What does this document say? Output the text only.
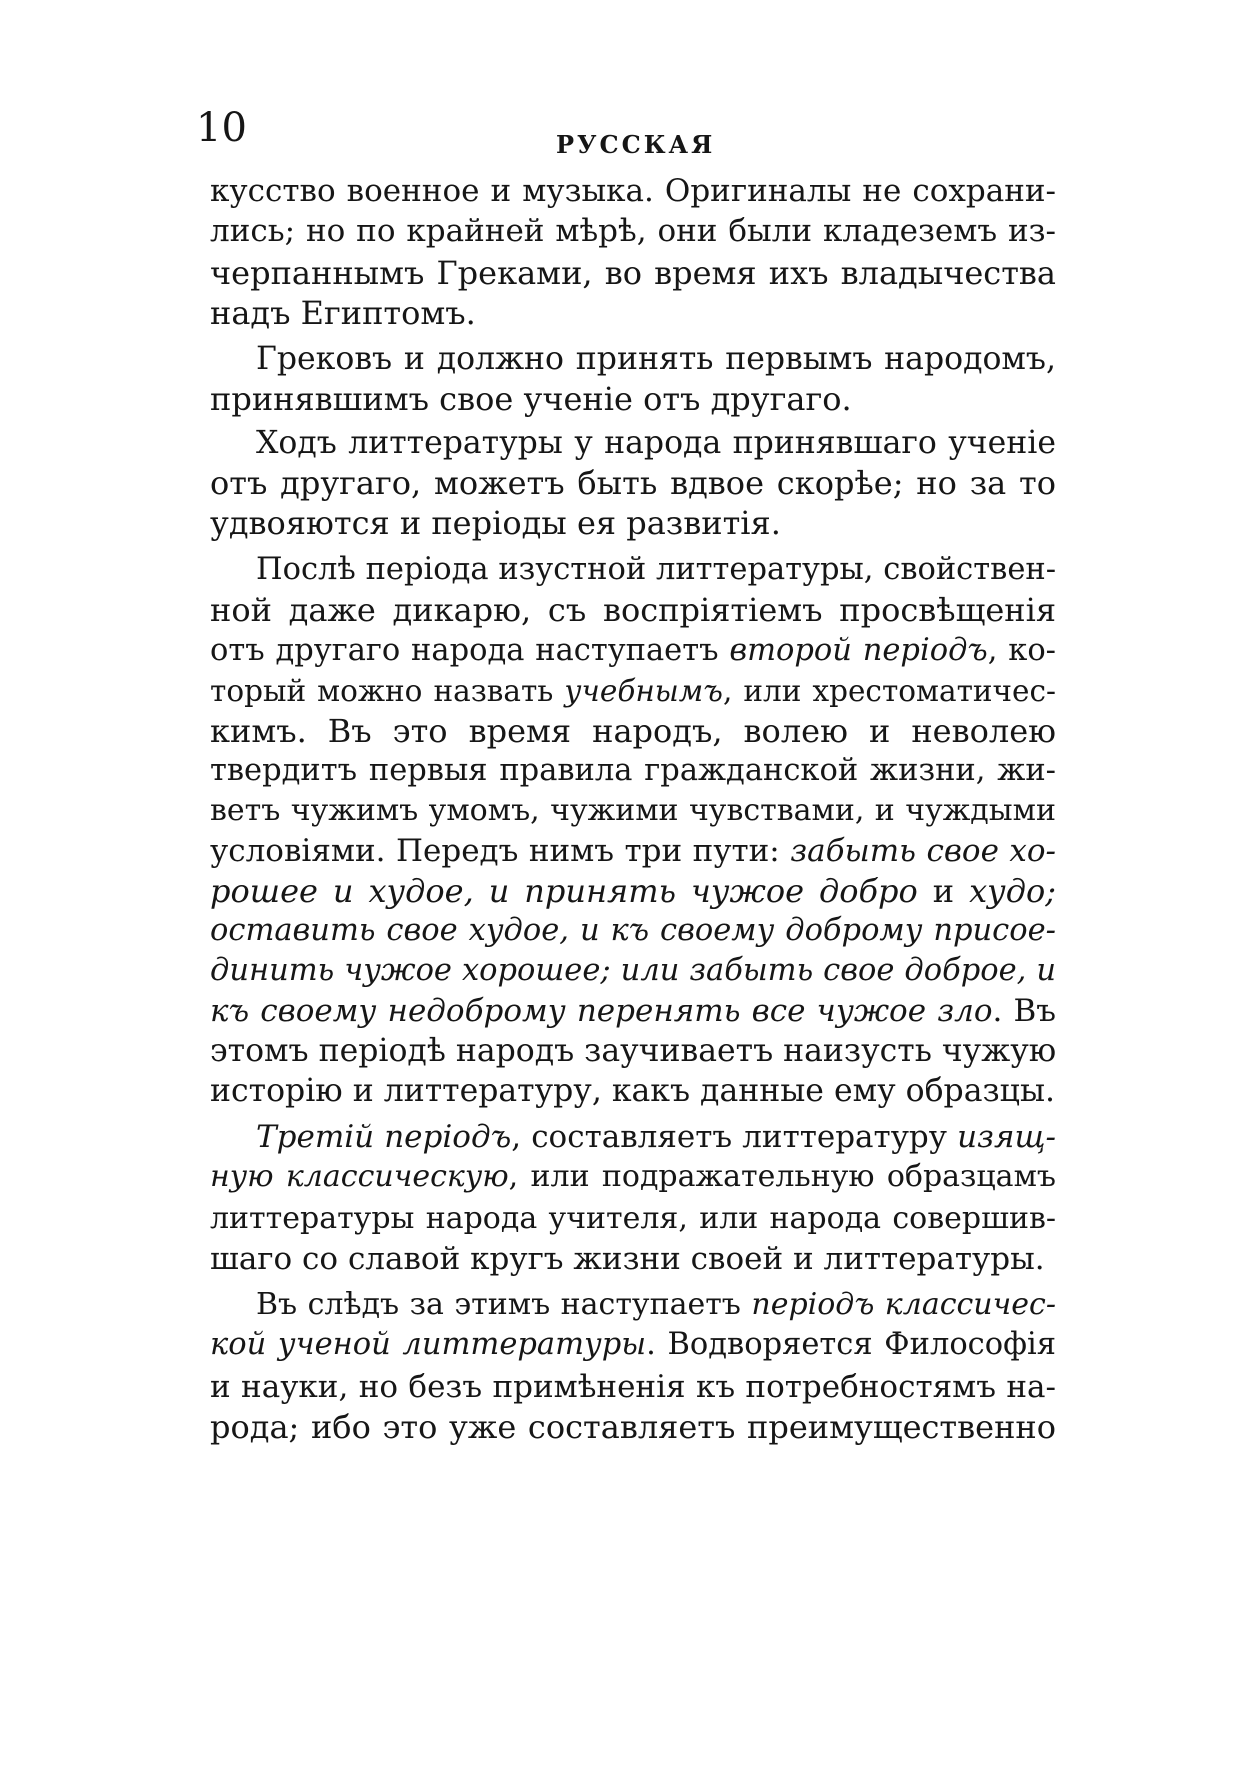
10	РУССКАЯ
кусство военное и музыка. Оригиналы не сохрани-
лись; но по крайней мѣрѣ, они были кладеземъ из-
черпаннымъ Греками, во время ихъ владычества
надъ Египтомъ.
Грековъ и должно принять первымъ народомъ,
принявшимъ свое ученіе отъ другаго.
Ходъ литтературы у народа принявшаго ученіе
отъ другаго, можетъ быть вдвое скорѣе; но за то
удвояются и періоды ея развитія.
Послѣ періода изустной литтературы, свойствен-
ной даже дикарю, съ воспріятіемъ просвѣщенія
отъ другаго народа наступаетъ второй періодъ, ко-
торый можно назвать учебнымъ, или хрестоматичес-
кимъ. Въ это время народъ, волею и неволею
твердитъ первыя правила гражданской жизни, жи-
ветъ чужимъ умомъ, чужими чувствами, и чуждыми
условіями. Передъ нимъ три пути: забыть свое хо-
рошее и худое, и принять чужое добро и худо;
оставить свое худое, и къ своему доброму присое-
динить чужое хорошее; или забыть свое доброе, и
къ своему недоброму перенять все чужое зло. Въ
этомъ періодѣ народъ заучиваетъ наизусть чужую
исторію и литтературу, какъ данные ему образцы.
Третій періодъ, составляетъ литтературу изящ-
ную классическую, или подражательную образцамъ
литтературы народа учителя, или народа совершив-
шаго со славой кругъ жизни своей и литтературы.
Въ слѣдъ за этимъ наступаетъ періодъ классичес-
кой ученой литтературы. Водворяется Философія
и науки, но безъ примѣненія къ потребностямъ на-
рода; ибо это уже составляетъ преимущественно
